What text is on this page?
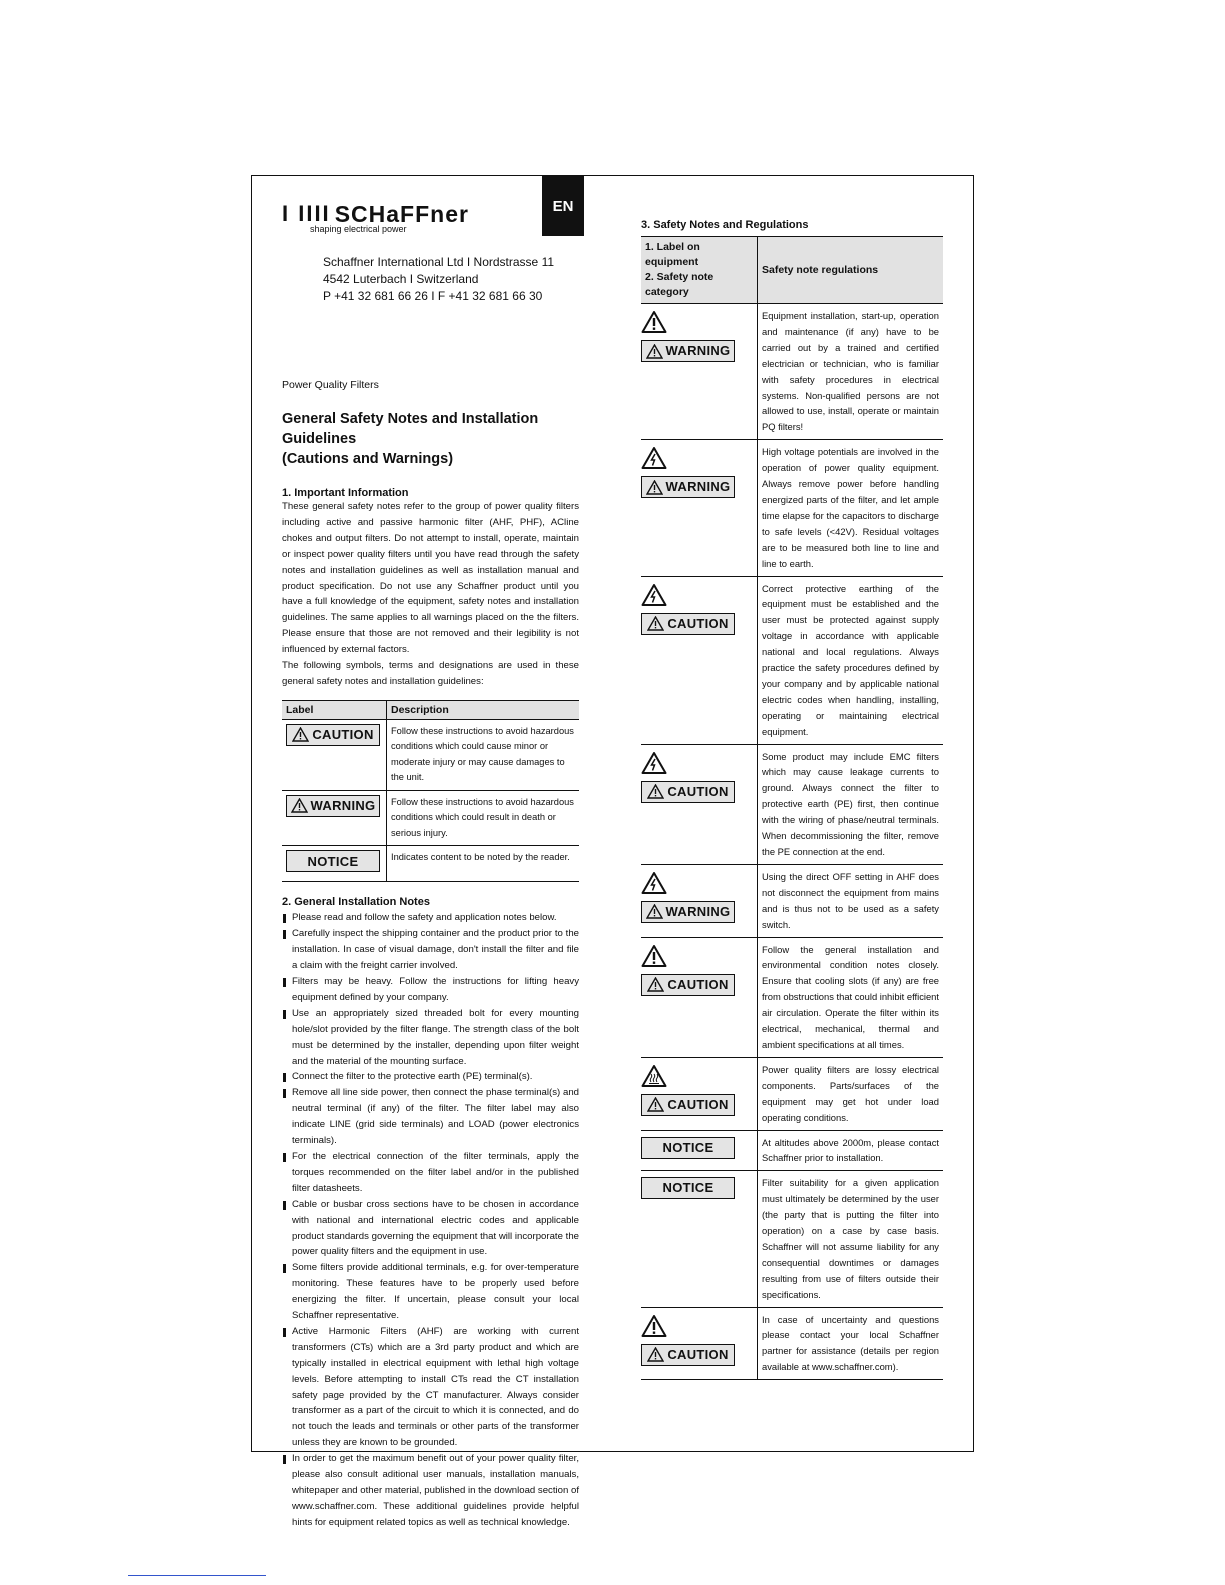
EN
I IIII SCHaFFner
shaping electrical power
Schaffner International Ltd I Nordstrasse 11
4542 Luterbach I Switzerland
P +41 32 681 66 26 I F +41 32 681 66 30
Power Quality Filters
General Safety Notes and Installation Guidelines
(Cautions and Warnings)
1. Important Information

These general safety notes refer to the group of power quality filters including active and passive harmonic filter (AHF, PHF), ACline chokes and output filters. Do not attempt to install, operate, maintain or inspect power quality filters until you have read through the safety notes and installation guidelines as well as installation manual and product specification. Do not use any Schaffner product until you have a full knowledge of the equipment, safety notes and installation guidelines. The same applies to all warnings placed on the the filters. Please ensure that those are not removed and their legibility is not influenced by external factors.

The following symbols, terms and designations are used in these general safety notes and installation guidelines:

Label	Description

CAUTION	Follow these instructions to avoid hazardous conditions which could cause minor or moderate injury or may cause damages to the unit.

WARNING	Follow these instructions to avoid hazardous conditions which could result in death or serious injury.

NOTICE	Indicates content to be noted by the reader.
2. General Installation Notes
Please read and follow the safety and application notes below.
Carefully inspect the shipping container and the product prior to the installation. In case of visual damage, don't install the filter and file a claim with the freight carrier involved.
Filters may be heavy. Follow the instructions for lifting heavy equipment defined by your company.
Use an appropriately sized threaded bolt for every mounting hole/slot provided by the filter flange. The strength class of the bolt must be determined by the installer, depending upon filter weight and the material of the mounting surface.
Connect the filter to the protective earth (PE) terminal(s).
Remove all line side power, then connect the phase terminal(s) and neutral terminal (if any) of the filter. The filter label may also indicate LINE (grid side terminals) and LOAD (power electronics terminals).
For the electrical connection of the filter terminals, apply the torques recommended on the filter label and/or in the published filter datasheets.
Cable or busbar cross sections have to be chosen in accordance with national and international electric codes and applicable product standards governing the equipment that will incorporate the power quality filters and the equipment in use.
Some filters provide additional terminals, e.g. for over-temperature monitoring. These features have to be properly used before energizing the filter. If uncertain, please consult your local Schaffner representative.
Active Harmonic Filters (AHF) are working with current transformers (CTs) which are a 3rd party product and which are typically installed in electrical equipment with lethal high voltage levels. Before attempting to install CTs read the CT installation safety page provided by the CT manufacturer. Always consider transformer as a part of the circuit to which it is connected, and do not touch the leads and terminals or other parts of the transformer unless they are known to be grounded.
In order to get the maximum benefit out of your power quality filter, please also consult aditional user manuals, installation manuals, whitepaper and other material, published in the download section of www.schaffner.com. These additional guidelines provide helpful hints for equipment related topics as well as technical knowledge.
3. Safety Notes and Regulations
1. Label on equipment
2. Safety note category	Safety note regulations

WARNING	Equipment installation, start-up, operation and maintenance (if any) have to be carried out by a trained and certified electrician or technician, who is familiar with safety procedures in electrical systems. Non-qualified persons are not allowed to use, install, operate or maintain PQ filters!

WARNING	High voltage potentials are involved in the operation of power quality equipment. Always remove power before handling energized parts of the filter, and let ample time elapse for the capacitors to discharge to safe levels (<42V). Residual voltages are to be measured both line to line and line to earth.

CAUTION	Correct protective earthing of the equipment must be established and the user must be protected against supply voltage in accordance with applicable national and local regulations. Always practice the safety procedures defined by your company and by applicable national electric codes when handling, installing, operating or maintaining electrical equipment.

CAUTION	Some product may include EMC filters which may cause leakage currents to ground. Always connect the filter to protective earth (PE) first, then continue with the wiring of phase/neutral terminals. When decommissioning the filter, remove the PE connection at the end.

WARNING	Using the direct OFF setting in AHF does not disconnect the equipment from mains and is thus not to be used as a safety switch.

CAUTION	Follow the general installation and environmental condition notes closely. Ensure that cooling slots (if any) are free from obstructions that could inhibit efficient air circulation. Operate the filter within its electrical, mechanical, thermal and ambient specifications at all times.

CAUTION	Power quality filters are lossy electrical components. Parts/surfaces of the equipment may get hot under load operating conditions.

NOTICE	At altitudes above 2000m, please contact Schaffner prior to installation.

NOTICE	Filter suitability for a given application must ultimately be determined by the user (the party that is putting the filter into operation) on a case by case basis. Schaffner will not assume liability for any consequential downtimes or damages resulting from use of filters outside their specifications.

CAUTION	In case of uncertainty and questions please contact your local Schaffner partner for assistance (details per region available at www.schaffner.com).
